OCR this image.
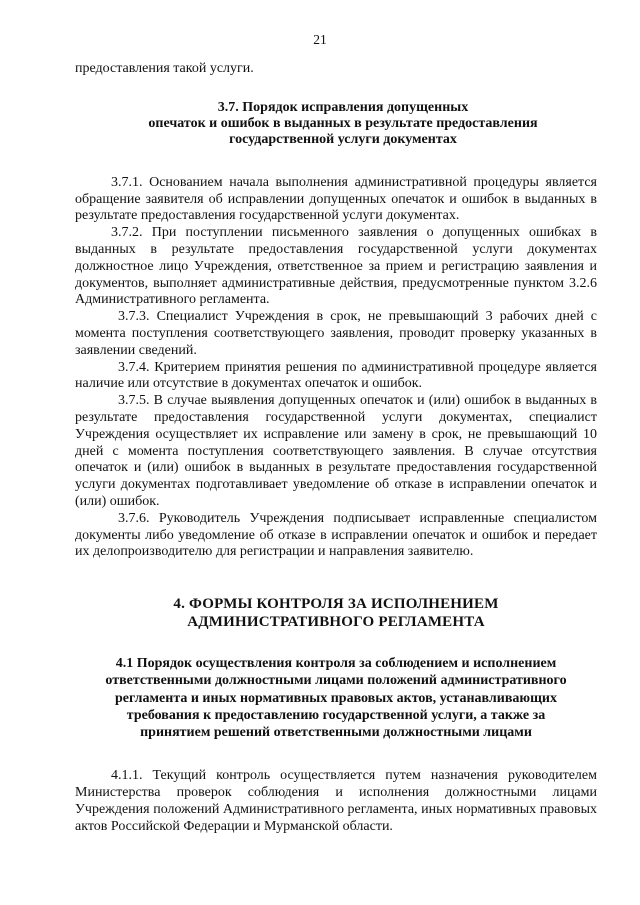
21

предоставления такой услуги.

3.7. Порядок исправления допущенных
опечаток и ошибок в выданных в результате предоставления
государственной услуги документах

3.7.1. Основанием начала выполнения административной процедуры является обращение заявителя об исправлении допущенных опечаток и ошибок в выданных в результате предоставления государственной услуги документах.

3.7.2. При поступлении письменного заявления о допущенных ошибках в выданных в результате предоставления государственной услуги документах должностное лицо Учреждения, ответственное за прием и регистрацию заявления и документов, выполняет административные действия, предусмотренные пунктом 3.2.6 Административного регламента.

3.7.3. Специалист Учреждения в срок, не превышающий 3 рабочих дней с момента поступления соответствующего заявления, проводит проверку указанных в заявлении сведений.

3.7.4. Критерием принятия решения по административной процедуре является наличие или отсутствие в документах опечаток и ошибок.

3.7.5. В случае выявления допущенных опечаток и (или) ошибок в выданных в результате предоставления государственной услуги документах, специалист Учреждения осуществляет их исправление или замену в срок, не превышающий 10 дней с момента поступления соответствующего заявления. В случае отсутствия опечаток и (или) ошибок в выданных в результате предоставления государственной услуги документах подготавливает уведомление об отказе в исправлении опечаток и (или) ошибок.

3.7.6. Руководитель Учреждения подписывает исправленные специалистом документы либо уведомление об отказе в исправлении опечаток и ошибок и передает их делопроизводителю для регистрации и направления заявителю.

4. ФОРМЫ КОНТРОЛЯ ЗА ИСПОЛНЕНИЕМ
АДМИНИСТРАТИВНОГО РЕГЛАМЕНТА
4.1 Порядок осуществления контроля за соблюдением и исполнением
ответственными должностными лицами положений административного
регламента и иных нормативных правовых актов, устанавливающих
требования к предоставлению государственной услуги, а также за
принятием решений ответственными должностными лицами

4.1.1. Текущий контроль осуществляется путем назначения руководителем Министерства проверок соблюдения и исполнения должностными лицами Учреждения положений Административного регламента, иных нормативных правовых актов Российской Федерации и Мурманской области.
